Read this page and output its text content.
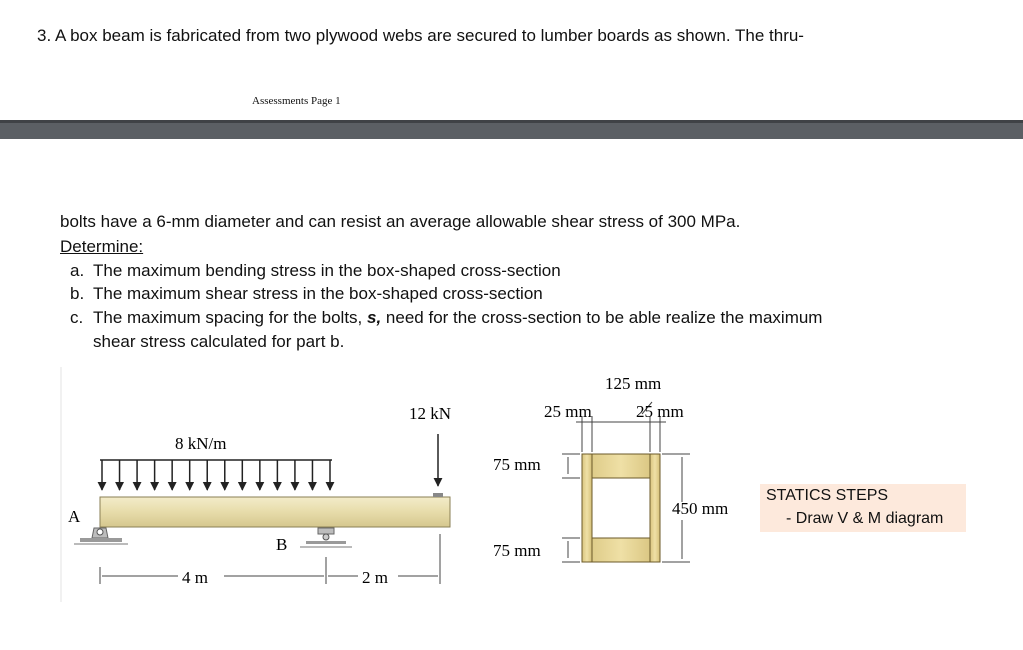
3. A box beam is fabricated from two plywood webs are secured to lumber boards as shown. The thru-
Assessments Page 1
bolts have a 6-mm diameter and can resist an average allowable shear stress of 300 MPa.
Determine:
a. The maximum bending stress in the box-shaped cross-section
b. The maximum shear stress in the box-shaped cross-section
c. The maximum spacing for the bolts, s, need for the cross-section to be able realize the maximum
shear stress calculated for part b.
8 kN/m
A
B
12 kN
4 m	2 m
125 mm
25 mm	25 mm
75 mm
75 mm
450 mm
STATICS STEPS
- Draw V & M diagram
